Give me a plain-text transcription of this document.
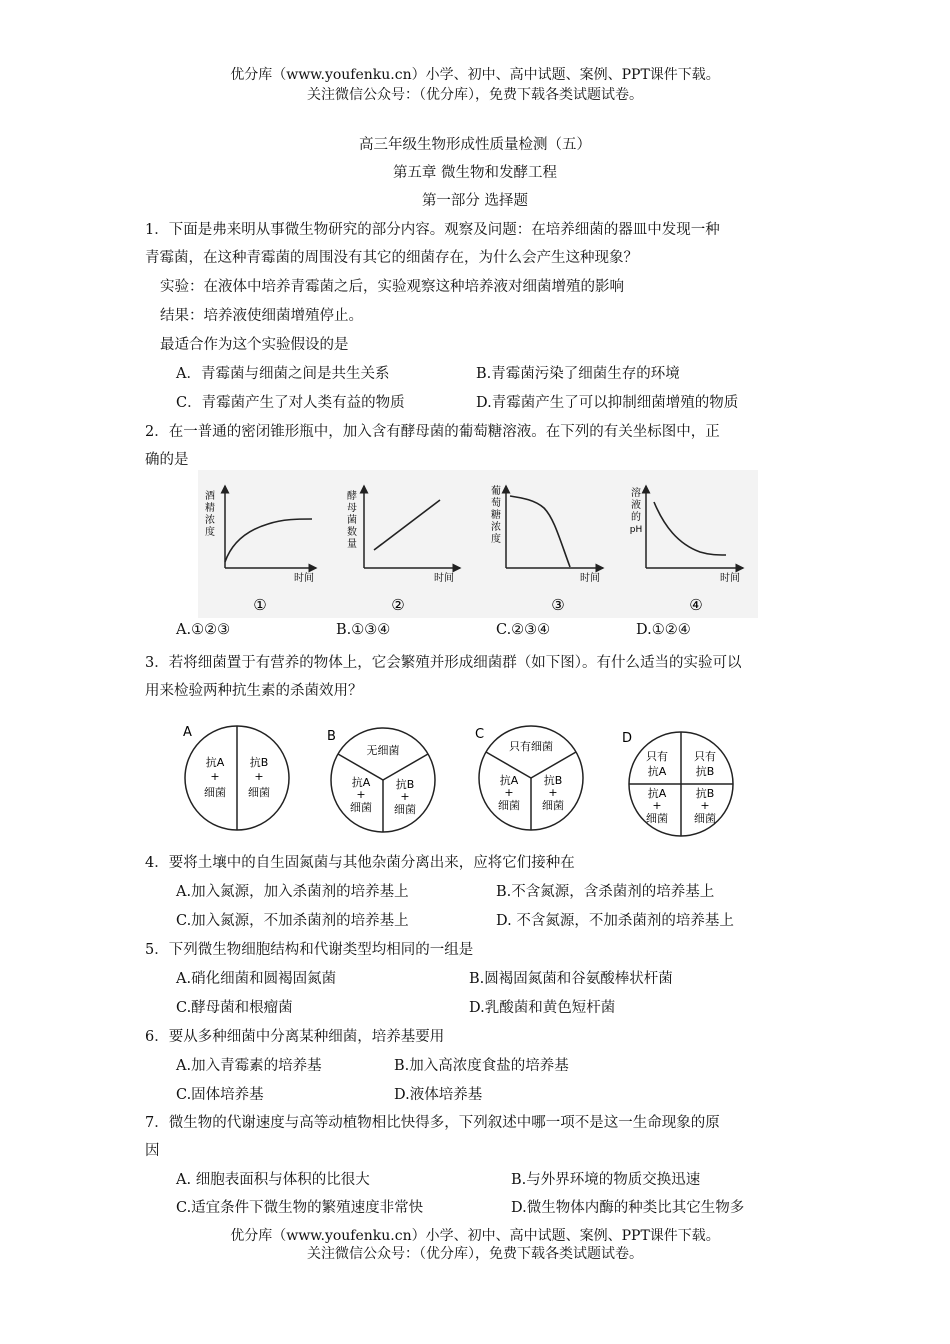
优分库（www.youfenku.cn）小学、初中、高中试题、案例、PPT课件下载。
关注微信公众号：（优分库），免费下载各类试题试卷。
高三年级生物形成性质量检测（五）
第五章 微生物和发酵工程
第一部分 选择题
1．下面是弗来明从事微生物研究的部分内容。观察及问题：在培养细菌的器皿中发现一种
青霉菌，在这种青霉菌的周围没有其它的细菌存在，为什么会产生这种现象？
实验：在液体中培养青霉菌之后，实验观察这种培养液对细菌增殖的影响
结果：培养液使细菌增殖停止。
最适合作为这个实验假设的是
A．青霉菌与细菌之间是共生关系	B.青霉菌污染了细菌生存的环境
C．青霉菌产生了对人类有益的物质	D.青霉菌产生了可以抑制细菌增殖的物质
2．在一普通的密闭锥形瓶中，加入含有酵母菌的葡萄糖溶液。在下列的有关坐标图中，正
确的是
酒
精
浓
度
时间
①
酵
母
菌
数
量
时间
②
葡
萄
糖
浓
度
时间
③
溶
液
的
pH
时间
④
A.①②③	B.①③④	C.②③④	D.①②④
3．若将细菌置于有营养的物体上，它会繁殖并形成细菌群（如下图）。有什么适当的实验可以
用来检验两种抗生素的杀菌效用？
A
抗A
+
细菌
抗B
+
细菌
B
无细菌
抗A
+
细菌
抗B
+
细菌
C
只有细菌
抗A
+
细菌
抗B
+
细菌
D
只有
抗A
只有
抗B
抗A
+
细菌
抗B
+
细菌
4．要将土壤中的自生固氮菌与其他杂菌分离出来，应将它们接种在
A.加入氮源，加入杀菌剂的培养基上	B.不含氮源，含杀菌剂的培养基上
C.加入氮源，不加杀菌剂的培养基上	D. 不含氮源，不加杀菌剂的培养基上
5．下列微生物细胞结构和代谢类型均相同的一组是
A.硝化细菌和圆褐固氮菌	B.圆褐固氮菌和谷氨酸棒状杆菌
C.酵母菌和根瘤菌	D.乳酸菌和黄色短杆菌
6．要从多种细菌中分离某种细菌，培养基要用
A.加入青霉素的培养基	B.加入高浓度食盐的培养基
C.固体培养基	D.液体培养基
7．微生物的代谢速度与高等动植物相比快得多，下列叙述中哪一项不是这一生命现象的原
因
A. 细胞表面积与体积的比很大	B.与外界环境的物质交换迅速
C.适宜条件下微生物的繁殖速度非常快	D.微生物体内酶的种类比其它生物多
优分库（www.youfenku.cn）小学、初中、高中试题、案例、PPT课件下载。
关注微信公众号：（优分库），免费下载各类试题试卷。
